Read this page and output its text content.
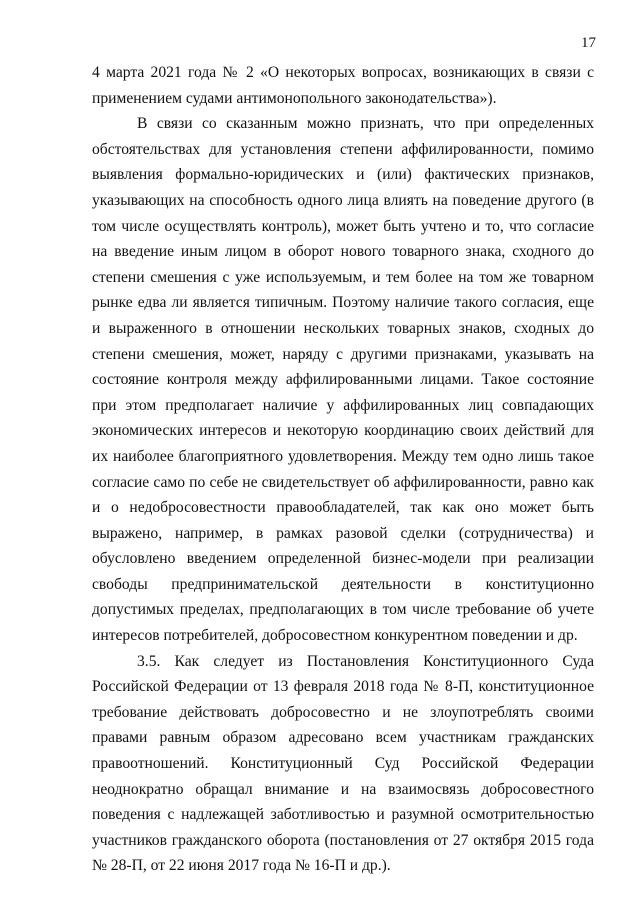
17

4 марта 2021 года № 2 «О некоторых вопросах, возникающих в связи с применением судами антимонопольного законодательства»).

В связи со сказанным можно признать, что при определенных обстоятельствах для установления степени аффилированности, помимо выявления формально-юридических и (или) фактических признаков, указывающих на способность одного лица влиять на поведение другого (в том числе осуществлять контроль), может быть учтено и то, что согласие на введение иным лицом в оборот нового товарного знака, сходного до степени смешения с уже используемым, и тем более на том же товарном рынке едва ли является типичным. Поэтому наличие такого согласия, еще и выраженного в отношении нескольких товарных знаков, сходных до степени смешения, может, наряду с другими признаками, указывать на состояние контроля между аффилированными лицами. Такое состояние при этом предполагает наличие у аффилированных лиц совпадающих экономических интересов и некоторую координацию своих действий для их наиболее благоприятного удовлетворения. Между тем одно лишь такое согласие само по себе не свидетельствует об аффилированности, равно как и о недобросовестности правообладателей, так как оно может быть выражено, например, в рамках разовой сделки (сотрудничества) и обусловлено введением определенной бизнес-модели при реализации свободы предпринимательской деятельности в конституционно допустимых пределах, предполагающих в том числе требование об учете интересов потребителей, добросовестном конкурентном поведении и др.

3.5. Как следует из Постановления Конституционного Суда Российской Федерации от 13 февраля 2018 года № 8-П, конституционное требование действовать добросовестно и не злоупотреблять своими правами равным образом адресовано всем участникам гражданских правоотношений. Конституционный Суд Российской Федерации неоднократно обращал внимание и на взаимосвязь добросовестного поведения с надлежащей заботливостью и разумной осмотрительностью участников гражданского оборота (постановления от 27 октября 2015 года № 28-П, от 22 июня 2017 года № 16-П и др.).
